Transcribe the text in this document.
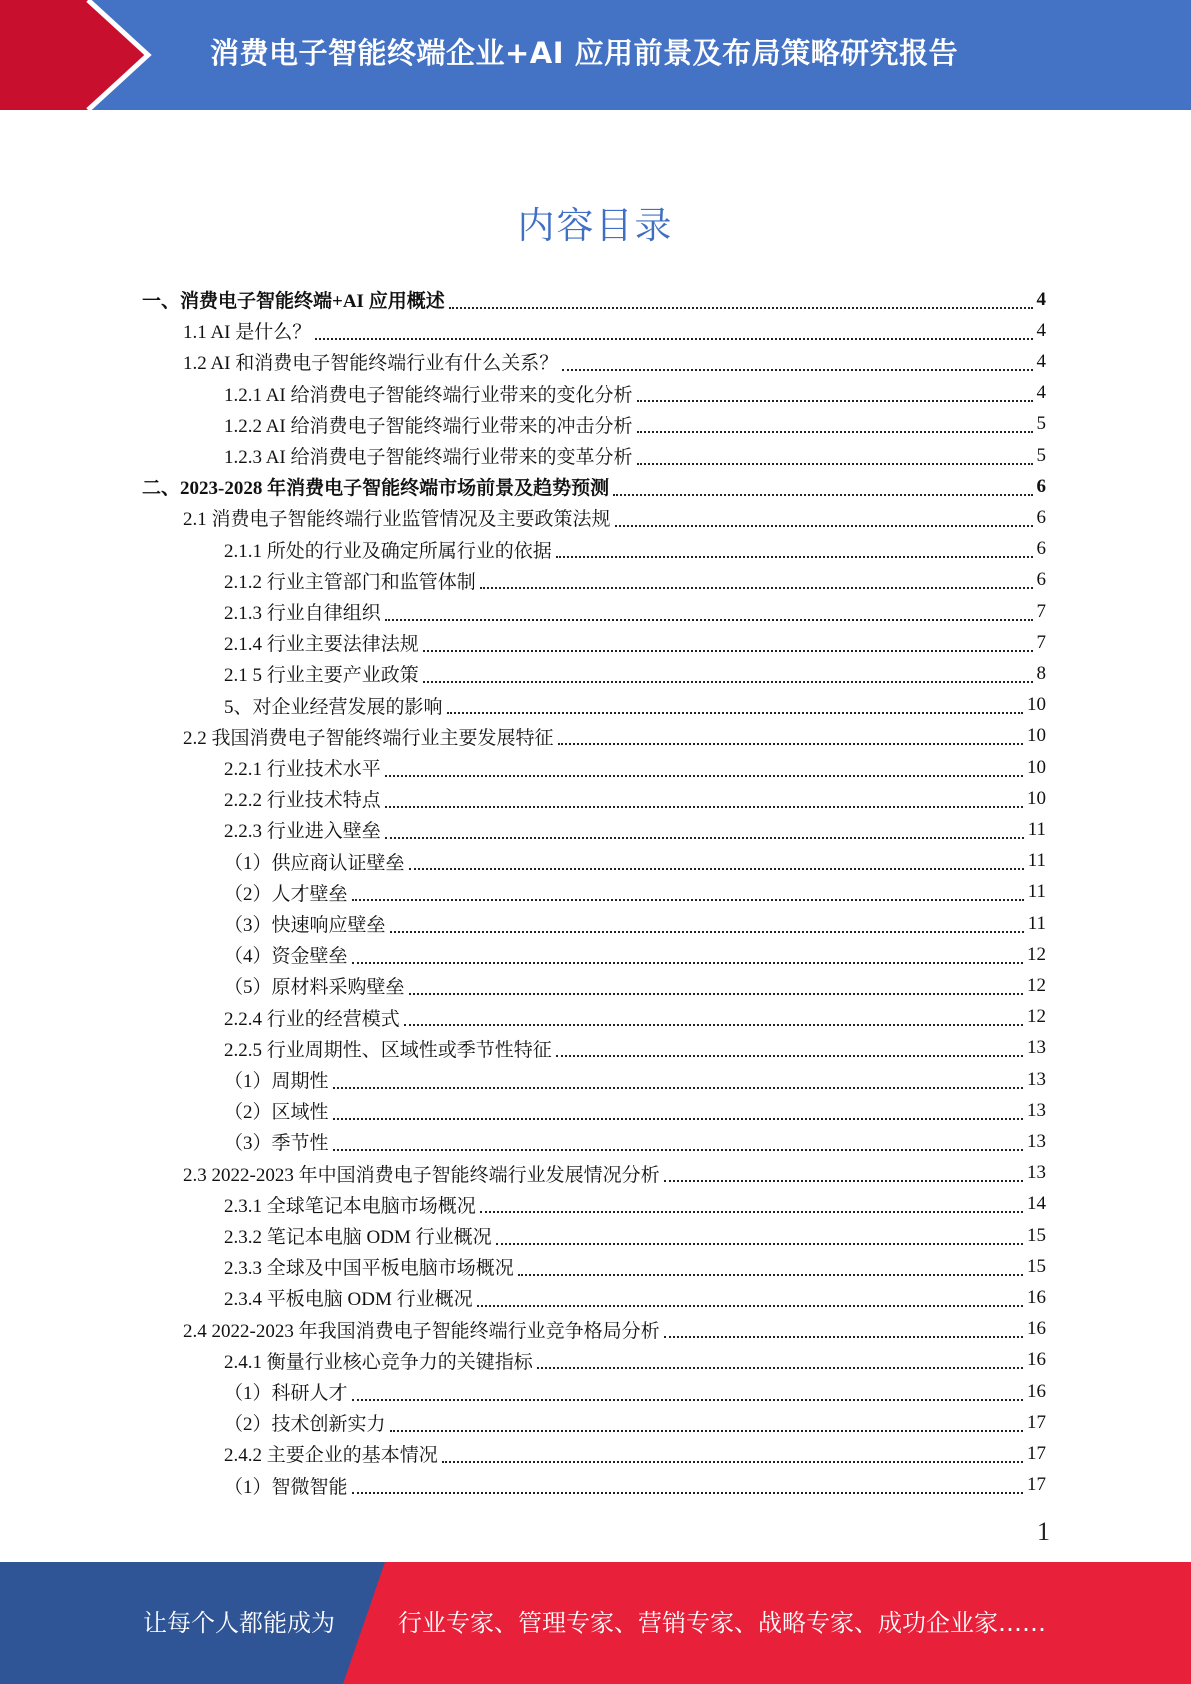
消费电子智能终端企业+AI 应用前景及布局策略研究报告
内容目录
一、消费电子智能终端+AI 应用概述	4
1.1 AI 是什么？	4
1.2 AI 和消费电子智能终端行业有什么关系？	4
1.2.1 AI 给消费电子智能终端行业带来的变化分析	4
1.2.2 AI 给消费电子智能终端行业带来的冲击分析	5
1.2.3 AI 给消费电子智能终端行业带来的变革分析	5
二、2023-2028 年消费电子智能终端市场前景及趋势预测	6
2.1 消费电子智能终端行业监管情况及主要政策法规	6
2.1.1 所处的行业及确定所属行业的依据	6
2.1.2 行业主管部门和监管体制	6
2.1.3 行业自律组织	7
2.1.4 行业主要法律法规	7
2.1 5 行业主要产业政策	8
5、对企业经营发展的影响	10
2.2 我国消费电子智能终端行业主要发展特征	10
2.2.1 行业技术水平	10
2.2.2 行业技术特点	10
2.2.3 行业进入壁垒	11
（1）供应商认证壁垒	11
（2）人才壁垒	11
（3）快速响应壁垒	11
（4）资金壁垒	12
（5）原材料采购壁垒	12
2.2.4 行业的经营模式	12
2.2.5 行业周期性、区域性或季节性特征	13
（1）周期性	13
（2）区域性	13
（3）季节性	13
2.3 2022-2023 年中国消费电子智能终端行业发展情况分析	13
2.3.1 全球笔记本电脑市场概况	14
2.3.2 笔记本电脑 ODM 行业概况	15
2.3.3 全球及中国平板电脑市场概况	15
2.3.4 平板电脑 ODM 行业概况	16
2.4 2022-2023 年我国消费电子智能终端行业竞争格局分析	16
2.4.1 衡量行业核心竞争力的关键指标	16
（1）科研人才	16
（2）技术创新实力	17
2.4.2 主要企业的基本情况	17
（1）智微智能	17
1
让每个人都能成为	行业专家、管理专家、营销专家、战略专家、成功企业家……
